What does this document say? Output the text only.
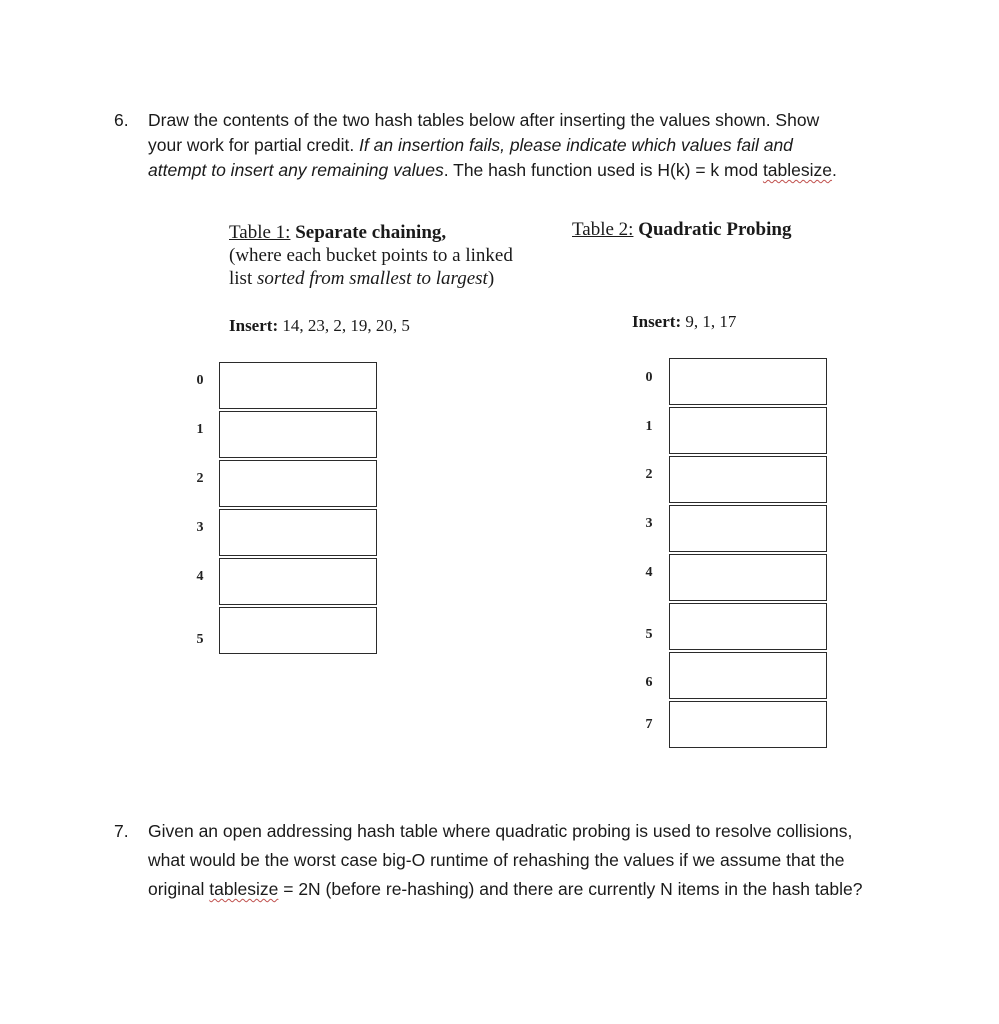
6. Draw the contents of the two hash tables below after inserting the values shown. Show
your work for partial credit. If an insertion fails, please indicate which values fail and
attempt to insert any remaining values. The hash function used is H(k) = k mod tablesize.
Table 1: Separate chaining,
(where each bucket points to a linked
list sorted from smallest to largest)
Insert: 14, 23, 2, 19, 20, 5
Table 2: Quadratic Probing
Insert: 9, 1, 17
0
1
2
3
4
5
0
1
2
3
4
5
6
7
7. Given an open addressing hash table where quadratic probing is used to resolve collisions,
what would be the worst case big-O runtime of rehashing the values if we assume that the
original tablesize = 2N (before re-hashing) and there are currently N items in the hash table?
